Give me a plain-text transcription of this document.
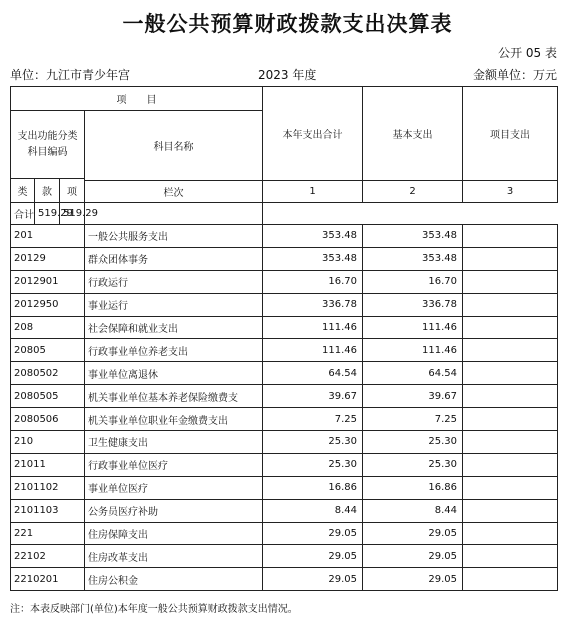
一般公共预算财政拨款支出决算表
公开 05 表
单位：九江市青少年宫	2023 年度	金额单位：万元
项　　目				本年支出合计	基本支出	项目支出

支出功能分类
科目编码			科目名称			
类	款	项				

			栏次	1	2	3
合计	519.29	519.29				
201			一般公共服务支出	353.48	353.48	
20129			群众团体事务	353.48	353.48	
2012901			行政运行	16.70	16.70	
2012950			事业运行	336.78	336.78	
208			社会保障和就业支出	111.46	111.46	
20805			行政事业单位养老支出	111.46	111.46	
2080502			事业单位离退休	64.54	64.54	
2080505			机关事业单位基本养老保险缴费支	39.67	39.67	
2080506			机关事业单位职业年金缴费支出	7.25	7.25	
210			卫生健康支出	25.30	25.30	
21011			行政事业单位医疗	25.30	25.30	
2101102			事业单位医疗	16.86	16.86	
2101103			公务员医疗补助	8.44	8.44	
221			住房保障支出	29.05	29.05	
22102			住房改革支出	29.05	29.05	
2210201			住房公积金	29.05	29.05	
注：本表反映部门(单位)本年度一般公共预算财政拨款支出情况。
